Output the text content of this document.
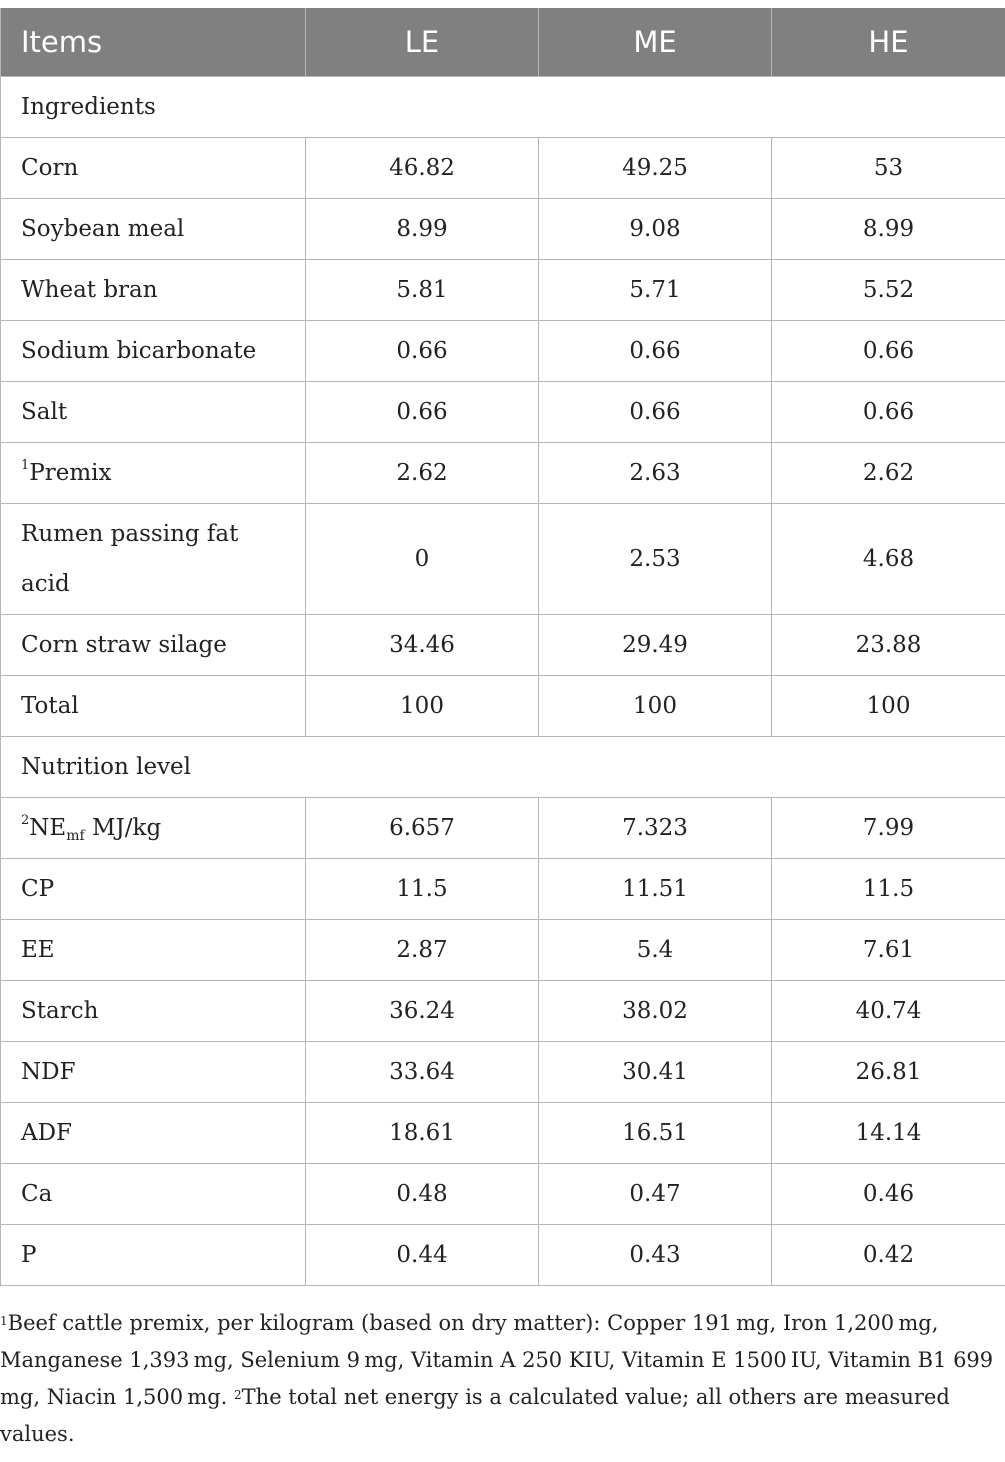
Items	LE	ME	HE
Ingredients			
Corn	46.82	49.25	53
Soybean meal	8.99	9.08	8.99
Wheat bran	5.81	5.71	5.52
Sodium bicarbonate	0.66	0.66	0.66
Salt	0.66	0.66	0.66
$^1$Premix	2.62	2.63	2.62
Rumen passing fat acid	0	2.53	4.68
Corn straw silage	34.46	29.49	23.88
Total	100	100	100
Nutrition level			
$^2NE_{mf}$ MJ/kg	6.657	7.323	7.99
CP	11.5	11.51	11.5
EE	2.87	5.4	7.61
Starch	36.24	38.02	40.74
NDF	33.64	30.41	26.81
ADF	18.61	16.51	14.14
Ca	0.48	0.47	0.46
P	0.44	0.43	0.42
$^1$Beef cattle premix, per kilogram (based on dry matter): Copper 191 mg, Iron 1,200 mg, Manganese 1,393 mg, Selenium 9 mg, Vitamin A 250 KIU, Vitamin E 1500 IU, Vitamin B1 699 mg, Niacin 1,500 mg. $^2$The total net energy is a calculated value; all others are measured values.
